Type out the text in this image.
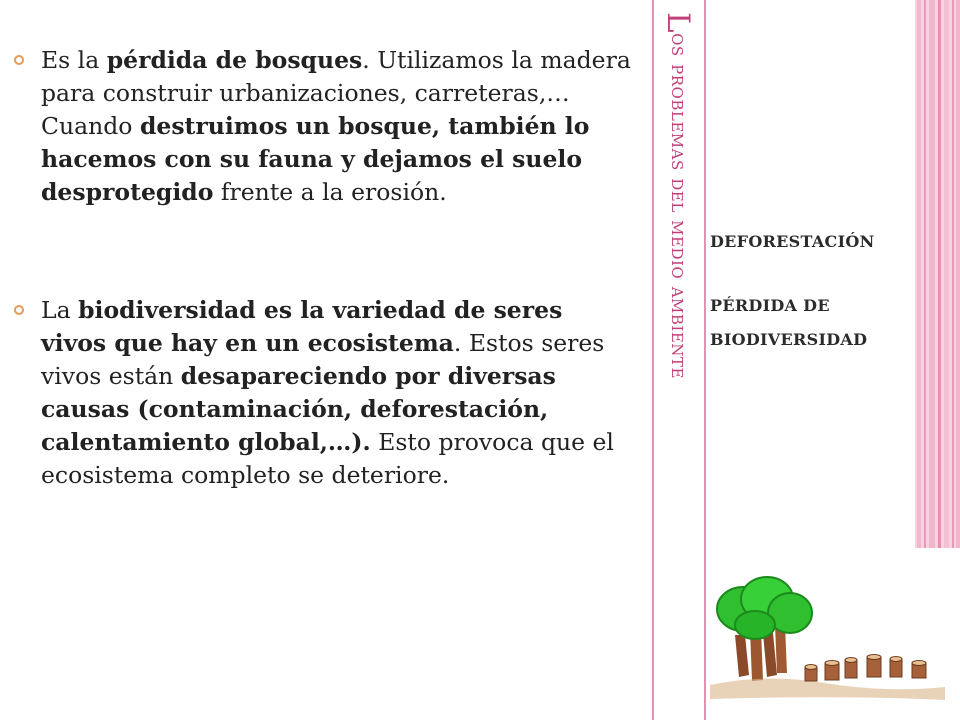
Es la pérdida de bosques. Utilizamos la madera para construir urbanizaciones, carreteras,… Cuando destruimos un bosque, también lo hacemos con su fauna y dejamos el suelo desprotegido frente a la erosión.
La biodiversidad es la variedad de seres vivos que hay en un ecosistema. Estos seres vivos están desapareciendo por diversas causas (contaminación, deforestación, calentamiento global,…). Esto provoca que el ecosistema completo se deteriore.
Los problemas del medio ambiente	DEFORESTACIÓN
PÉRDIDA DE
BIODIVERSIDAD
